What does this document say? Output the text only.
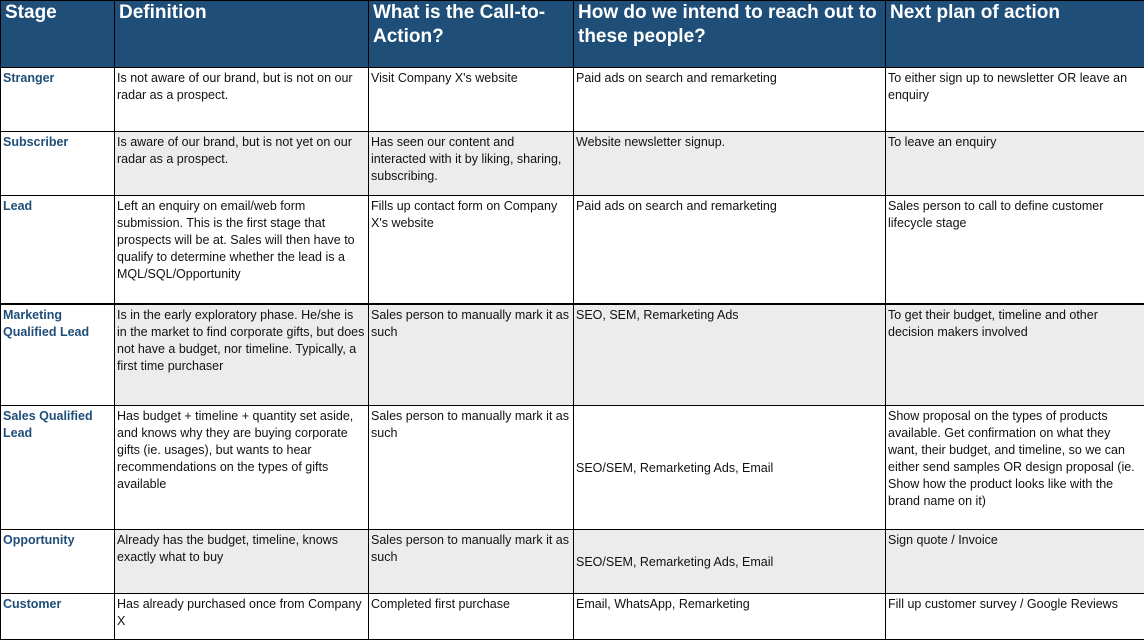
Stage	Definition	What is the Call-to-Action?	How do we intend to reach out to these people?	Next plan of action
Stranger	Is not aware of our brand, but is not on our radar as a prospect.	Visit Company X's website	Paid ads on search and remarketing	To either sign up to newsletter OR leave an enquiry
Subscriber	Is aware of our brand, but is not yet on our radar as a prospect.	Has seen our content and interacted with it by liking, sharing, subscribing.	Website newsletter signup.	To leave an enquiry
Lead	Left an enquiry on email/web form submission. This is the first stage that prospects will be at. Sales will then have to qualify to determine whether the lead is a MQL/SQL/Opportunity	Fills up contact form on Company X's website	Paid ads on search and remarketing	Sales person to call to define customer lifecycle stage
Marketing Qualified Lead	Is in the early exploratory phase. He/she is in the market to find corporate gifts, but does not have a budget, nor timeline. Typically, a first time purchaser	Sales person to manually mark it as such	SEO, SEM, Remarketing Ads	To get their budget, timeline and other decision makers involved
Sales Qualified Lead	Has budget + timeline + quantity set aside, and knows why they are buying corporate gifts (ie. usages), but wants to hear recommendations on the types of gifts available	Sales person to manually mark it as such	SEO/SEM, Remarketing Ads, Email	Show proposal on the types of products available. Get confirmation on what they want, their budget, and timeline, so we can either send samples OR design proposal (ie. Show how the product looks like with the brand name on it)
Opportunity	Already has the budget, timeline, knows exactly what to buy	Sales person to manually mark it as such	SEO/SEM, Remarketing Ads, Email	Sign quote / Invoice
Customer	Has already purchased once from Company X	Completed first purchase	Email, WhatsApp, Remarketing	Fill up customer survey / Google Reviews
